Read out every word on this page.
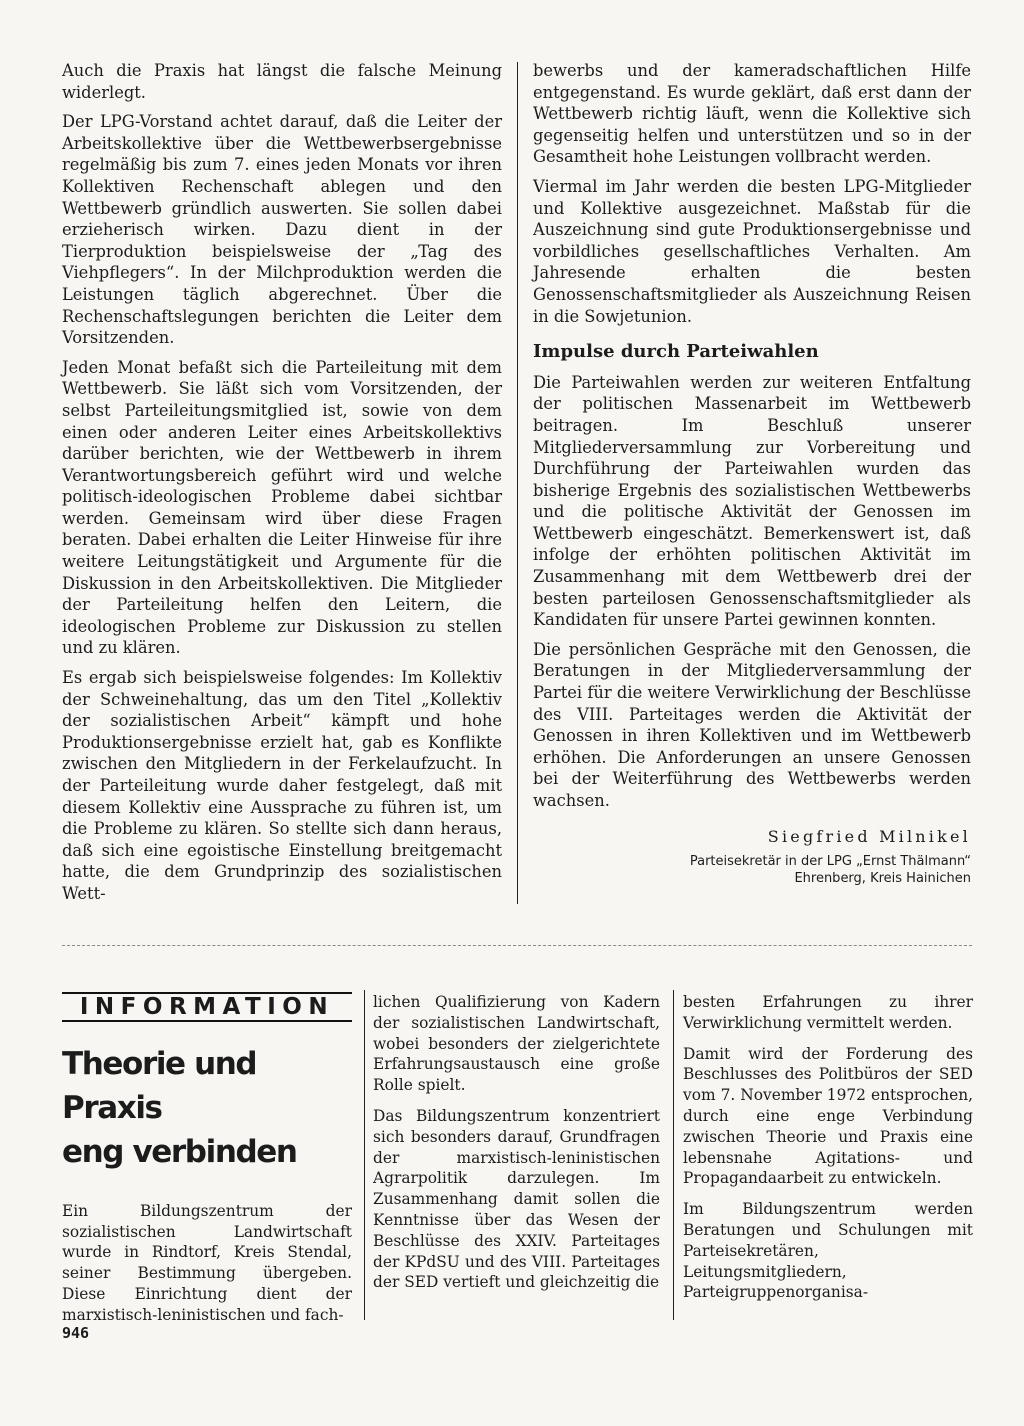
Auch die Praxis hat längst die falsche Meinung widerlegt.

Der LPG-Vorstand achtet darauf, daß die Leiter der Arbeitskollektive über die Wettbewerbsergebnisse regelmäßig bis zum 7. eines jeden Monats vor ihren Kollektiven Rechenschaft ablegen und den Wettbewerb gründlich auswerten. Sie sollen dabei erzieherisch wirken. Dazu dient in der Tierproduktion beispielsweise der „Tag des Viehpflegers“. In der Milchproduktion werden die Leistungen täglich abgerechnet. Über die Rechenschaftslegungen berichten die Leiter dem Vorsitzenden.

Jeden Monat befaßt sich die Parteileitung mit dem Wettbewerb. Sie läßt sich vom Vorsitzenden, der selbst Parteileitungsmitglied ist, sowie von dem einen oder anderen Leiter eines Arbeitskollektivs darüber berichten, wie der Wettbewerb in ihrem Verantwortungsbereich geführt wird und welche politisch-ideologischen Probleme dabei sichtbar werden. Gemeinsam wird über diese Fragen beraten. Dabei erhalten die Leiter Hinweise für ihre weitere Leitungstätigkeit und Argumente für die Diskussion in den Arbeitskollektiven. Die Mitglieder der Parteileitung helfen den Leitern, die ideologischen Probleme zur Diskussion zu stellen und zu klären.

Es ergab sich beispielsweise folgendes: Im Kollektiv der Schweinehaltung, das um den Titel „Kollektiv der sozialistischen Arbeit“ kämpft und hohe Produktionsergebnisse erzielt hat, gab es Konflikte zwischen den Mitgliedern in der Ferkelaufzucht. In der Parteileitung wurde daher festgelegt, daß mit diesem Kollektiv eine Aussprache zu führen ist, um die Probleme zu klären. So stellte sich dann heraus, daß sich eine egoistische Einstellung breitgemacht hatte, die dem Grundprinzip des sozialistischen Wett-

bewerbs und der kameradschaftlichen Hilfe entgegenstand. Es wurde geklärt, daß erst dann der Wettbewerb richtig läuft, wenn die Kollektive sich gegenseitig helfen und unterstützen und so in der Gesamtheit hohe Leistungen vollbracht werden.

Viermal im Jahr werden die besten LPG-Mitglieder und Kollektive ausgezeichnet. Maßstab für die Auszeichnung sind gute Produktionsergebnisse und vorbildliches gesellschaftliches Verhalten. Am Jahresende erhalten die besten Genossenschaftsmitglieder als Auszeichnung Reisen in die Sowjetunion.

Impulse durch Parteiwahlen

Die Parteiwahlen werden zur weiteren Entfaltung der politischen Massenarbeit im Wettbewerb beitragen. Im Beschluß unserer Mitgliederversammlung zur Vorbereitung und Durchführung der Parteiwahlen wurden das bisherige Ergebnis des sozialistischen Wettbewerbs und die politische Aktivität der Genossen im Wettbewerb eingeschätzt. Bemerkenswert ist, daß infolge der erhöhten politischen Aktivität im Zusammenhang mit dem Wettbewerb drei der besten parteilosen Genossenschaftsmitglieder als Kandidaten für unsere Partei gewinnen konnten.

Die persönlichen Gespräche mit den Genossen, die Beratungen in der Mitgliederversammlung der Partei für die weitere Verwirklichung der Beschlüsse des VIII. Parteitages werden die Aktivität der Genossen in ihren Kollektiven und im Wettbewerb erhöhen. Die Anforderungen an unsere Genossen bei der Weiterführung des Wettbewerbs werden wachsen.

Siegfried Milnikel
Parteisekretär in der LPG „Ernst Thälmann“
Ehrenberg, Kreis Hainichen
INFORMATION
Theorie und Praxis
eng verbinden

Ein Bildungszentrum der sozialistischen Landwirtschaft wurde in Rindtorf, Kreis Stendal, seiner Bestimmung übergeben. Diese Einrichtung dient der marxistisch-leninistischen und fach-

lichen Qualifizierung von Kadern der sozialistischen Landwirtschaft, wobei besonders der zielgerichtete Erfahrungsaustausch eine große Rolle spielt.

Das Bildungszentrum konzentriert sich besonders darauf, Grundfragen der marxistisch-leninistischen Agrarpolitik darzulegen. Im Zusammenhang damit sollen die Kenntnisse über das Wesen der Beschlüsse des XXIV. Parteitages der KPdSU und des VIII. Parteitages der SED vertieft und gleichzeitig die

besten Erfahrungen zu ihrer Verwirklichung vermittelt werden.

Damit wird der Forderung des Beschlusses des Politbüros der SED vom 7. November 1972 entsprochen, durch eine enge Verbindung zwischen Theorie und Praxis eine lebensnahe Agitations- und Propagandaarbeit zu entwickeln.

Im Bildungszentrum werden Beratungen und Schulungen mit Parteisekretären, Leitungsmitgliedern, Parteigruppenorganisa-

946
